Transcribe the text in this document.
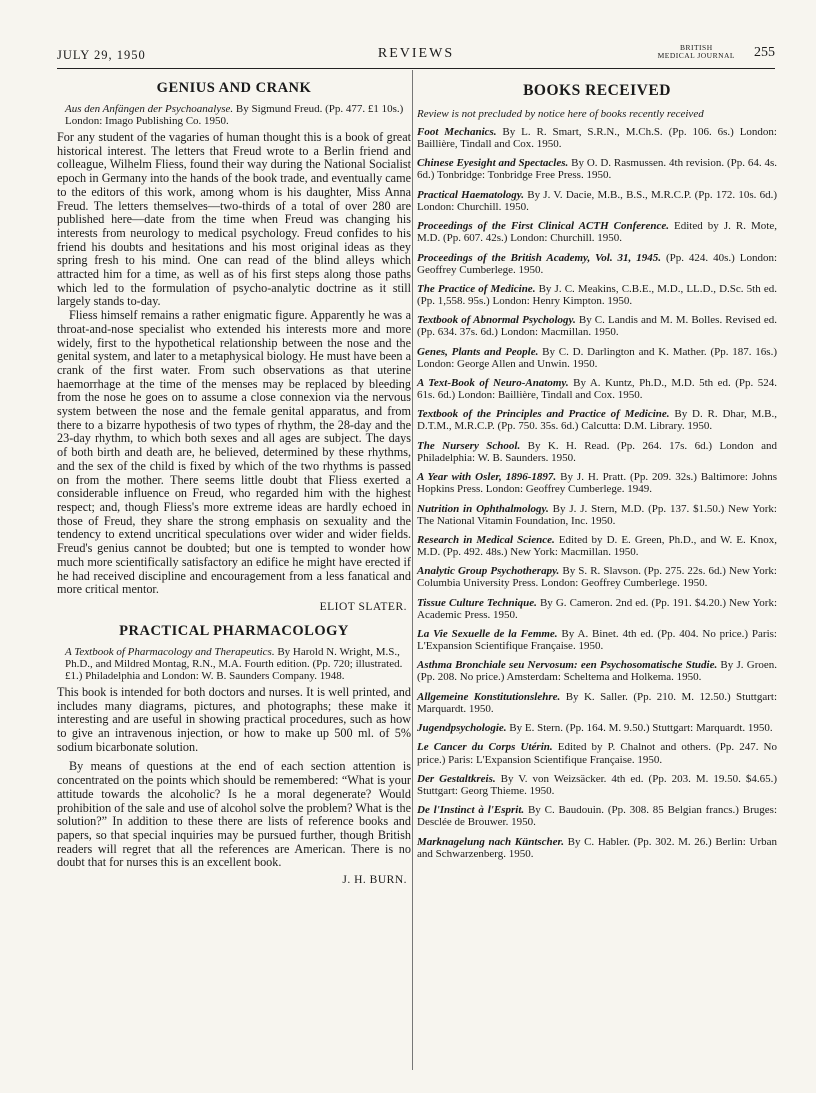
JULY 29, 1950	REVIEWS	BRITISH
MEDICAL JOURNAL 255
GENIUS AND CRANK

Aus den Anfängen der Psychoanalyse. By Sigmund Freud. (Pp. 477. £1 10s.) London: Imago Publishing Co. 1950.

For any student of the vagaries of human thought this is a book of great historical interest. The letters that Freud wrote to a Berlin friend and colleague, Wilhelm Fliess, found their way during the National Socialist epoch in Germany into the hands of the book trade, and eventually came to the editors of this work, among whom is his daughter, Miss Anna Freud. The letters themselves—two-thirds of a total of over 280 are published here—date from the time when Freud was changing his interests from neurology to medical psychology. Freud confides to his friend his doubts and hesitations and his most original ideas as they spring fresh to his mind. One can read of the blind alleys which attracted him for a time, as well as of his first steps along those paths which led to the formulation of psycho-analytic doctrine as it still largely stands to-day.

Fliess himself remains a rather enigmatic figure. Apparently he was a throat-and-nose specialist who extended his interests more and more widely, first to the hypothetical relationship between the nose and the genital system, and later to a metaphysical biology. He must have been a crank of the first water. From such observations as that uterine haemorrhage at the time of the menses may be replaced by bleeding from the nose he goes on to assume a close connexion via the nervous system between the nose and the female genital apparatus, and from there to a bizarre hypothesis of two types of rhythm, the 28-day and the 23-day rhythm, to which both sexes and all ages are subject. The days of both birth and death are, he believed, determined by these rhythms, and the sex of the child is fixed by which of the two rhythms is passed on from the mother. There seems little doubt that Fliess exerted a considerable influence on Freud, who regarded him with the highest respect; and, though Fliess's more extreme ideas are hardly echoed in those of Freud, they share the strong emphasis on sexuality and the tendency to extend uncritical speculations over wider and wider fields. Freud's genius cannot be doubted; but one is tempted to wonder how much more scientifically satisfactory an edifice he might have erected if he had received discipline and encouragement from a less fanatical and more critical mentor.

ELIOT SLATER.
PRACTICAL PHARMACOLOGY

A Textbook of Pharmacology and Therapeutics. By Harold N. Wright, M.S., Ph.D., and Mildred Montag, R.N., M.A. Fourth edition. (Pp. 720; illustrated. £1.) Philadelphia and London: W. B. Saunders Company. 1948.

This book is intended for both doctors and nurses. It is well printed, and includes many diagrams, pictures, and photographs; these make it interesting and are useful in showing practical procedures, such as how to give an intravenous injection, or how to make up 500 ml. of 5% sodium bicarbonate solution.

By means of questions at the end of each section attention is concentrated on the points which should be remembered: “What is your attitude towards the alcoholic? Is he a moral degenerate? Would prohibition of the sale and use of alcohol solve the problem? What is the solution?” In addition to these there are lists of reference books and papers, so that special inquiries may be pursued further, though British readers will regret that all the references are American. There is no doubt that for nurses this is an excellent book.

J. H. BURN.
BOOKS RECEIVED

Review is not precluded by notice here of books recently received

Foot Mechanics. By L. R. Smart, S.R.N., M.Ch.S. (Pp. 106. 6s.) London: Baillière, Tindall and Cox. 1950.

Chinese Eyesight and Spectacles. By O. D. Rasmussen. 4th revision. (Pp. 64. 4s. 6d.) Tonbridge: Tonbridge Free Press. 1950.

Practical Haematology. By J. V. Dacie, M.B., B.S., M.R.C.P. (Pp. 172. 10s. 6d.) London: Churchill. 1950.

Proceedings of the First Clinical ACTH Conference. Edited by J. R. Mote, M.D. (Pp. 607. 42s.) London: Churchill. 1950.

Proceedings of the British Academy, Vol. 31, 1945. (Pp. 424. 40s.) London: Geoffrey Cumberlege. 1950.

The Practice of Medicine. By J. C. Meakins, C.B.E., M.D., LL.D., D.Sc. 5th ed. (Pp. 1,558. 95s.) London: Henry Kimpton. 1950.

Textbook of Abnormal Psychology. By C. Landis and M. M. Bolles. Revised ed. (Pp. 634. 37s. 6d.) London: Macmillan. 1950.

Genes, Plants and People. By C. D. Darlington and K. Mather. (Pp. 187. 16s.) London: George Allen and Unwin. 1950.

A Text-Book of Neuro-Anatomy. By A. Kuntz, Ph.D., M.D. 5th ed. (Pp. 524. 61s. 6d.) London: Baillière, Tindall and Cox. 1950.

Textbook of the Principles and Practice of Medicine. By D. R. Dhar, M.B., D.T.M., M.R.C.P. (Pp. 750. 35s. 6d.) Calcutta: D.M. Library. 1950.

The Nursery School. By K. H. Read. (Pp. 264. 17s. 6d.) London and Philadelphia: W. B. Saunders. 1950.

A Year with Osler, 1896-1897. By J. H. Pratt. (Pp. 209. 32s.) Baltimore: Johns Hopkins Press. London: Geoffrey Cumberlege. 1949.

Nutrition in Ophthalmology. By J. J. Stern, M.D. (Pp. 137. $1.50.) New York: The National Vitamin Foundation, Inc. 1950.

Research in Medical Science. Edited by D. E. Green, Ph.D., and W. E. Knox, M.D. (Pp. 492. 48s.) New York: Macmillan. 1950.

Analytic Group Psychotherapy. By S. R. Slavson. (Pp. 275. 22s. 6d.) New York: Columbia University Press. London: Geoffrey Cumberlege. 1950.

Tissue Culture Technique. By G. Cameron. 2nd ed. (Pp. 191. $4.20.) New York: Academic Press. 1950.

La Vie Sexuelle de la Femme. By A. Binet. 4th ed. (Pp. 404. No price.) Paris: L'Expansion Scientifique Française. 1950.

Asthma Bronchiale seu Nervosum: een Psychosomatische Studie. By J. Groen. (Pp. 208. No price.) Amsterdam: Scheltema and Holkema. 1950.

Allgemeine Konstitutionslehre. By K. Saller. (Pp. 210. M. 12.50.) Stuttgart: Marquardt. 1950.

Jugendpsychologie. By E. Stern. (Pp. 164. M. 9.50.) Stuttgart: Marquardt. 1950.

Le Cancer du Corps Utérin. Edited by P. Chalnot and others. (Pp. 247. No price.) Paris: L'Expansion Scientifique Française. 1950.

Der Gestaltkreis. By V. von Weizsäcker. 4th ed. (Pp. 203. M. 19.50. $4.65.) Stuttgart: Georg Thieme. 1950.

De l'Instinct à l'Esprit. By C. Baudouin. (Pp. 308. 85 Belgian francs.) Bruges: Desclée de Brouwer. 1950.

Marknagelung nach Küntscher. By C. Habler. (Pp. 302. M. 26.) Berlin: Urban and Schwarzenberg. 1950.
